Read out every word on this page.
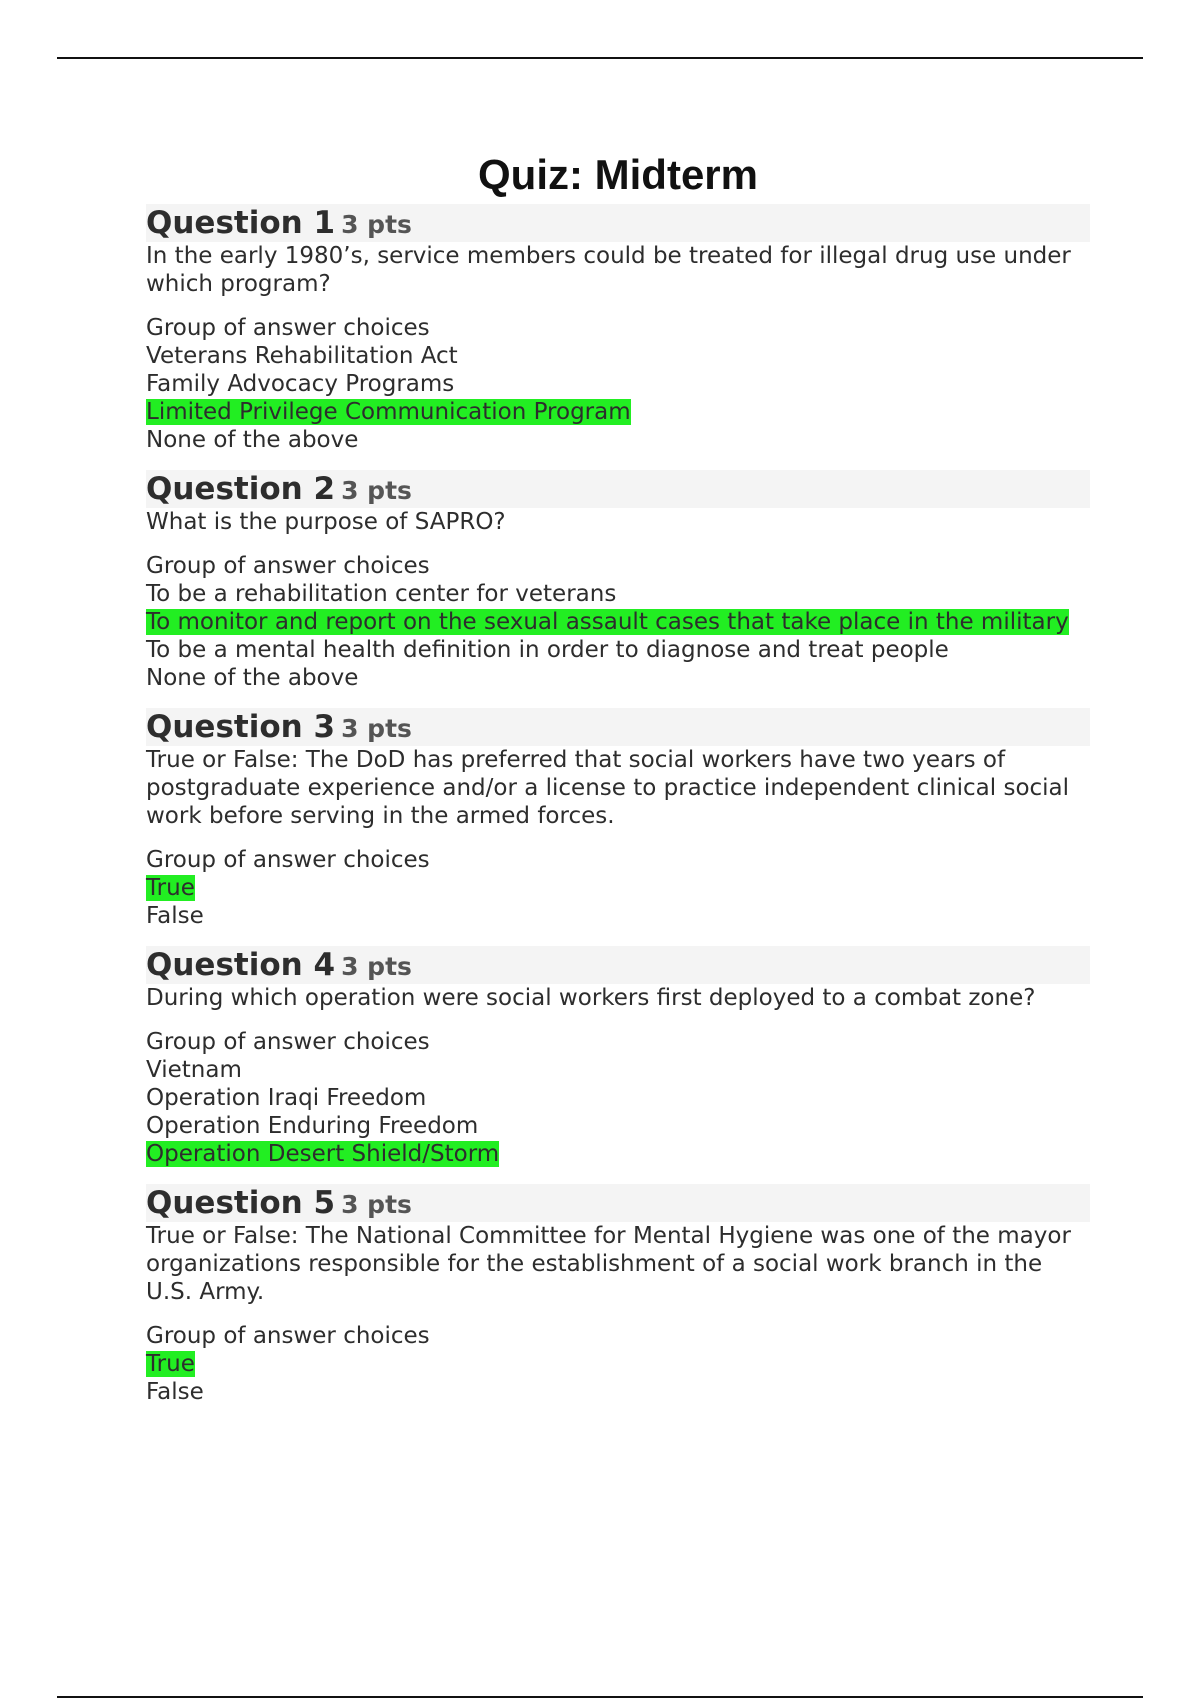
Quiz: Midterm
Question 1 3 pts
In the early 1980’s, service members could be treated for illegal drug use under which program?
Group of answer choices
Veterans Rehabilitation Act
Family Advocacy Programs
Limited Privilege Communication Program
None of the above
Question 2 3 pts
What is the purpose of SAPRO?
Group of answer choices
To be a rehabilitation center for veterans
To monitor and report on the sexual assault cases that take place in the military
To be a mental health definition in order to diagnose and treat people
None of the above
Question 3 3 pts
True or False: The DoD has preferred that social workers have two years of postgraduate experience and/or a license to practice independent clinical social work before serving in the armed forces.
Group of answer choices
True
False
Question 4 3 pts
During which operation were social workers first deployed to a combat zone?
Group of answer choices
Vietnam
Operation Iraqi Freedom
Operation Enduring Freedom
Operation Desert Shield/Storm
Question 5 3 pts
True or False: The National Committee for Mental Hygiene was one of the mayor organizations responsible for the establishment of a social work branch in the U.S. Army.
Group of answer choices
True
False
